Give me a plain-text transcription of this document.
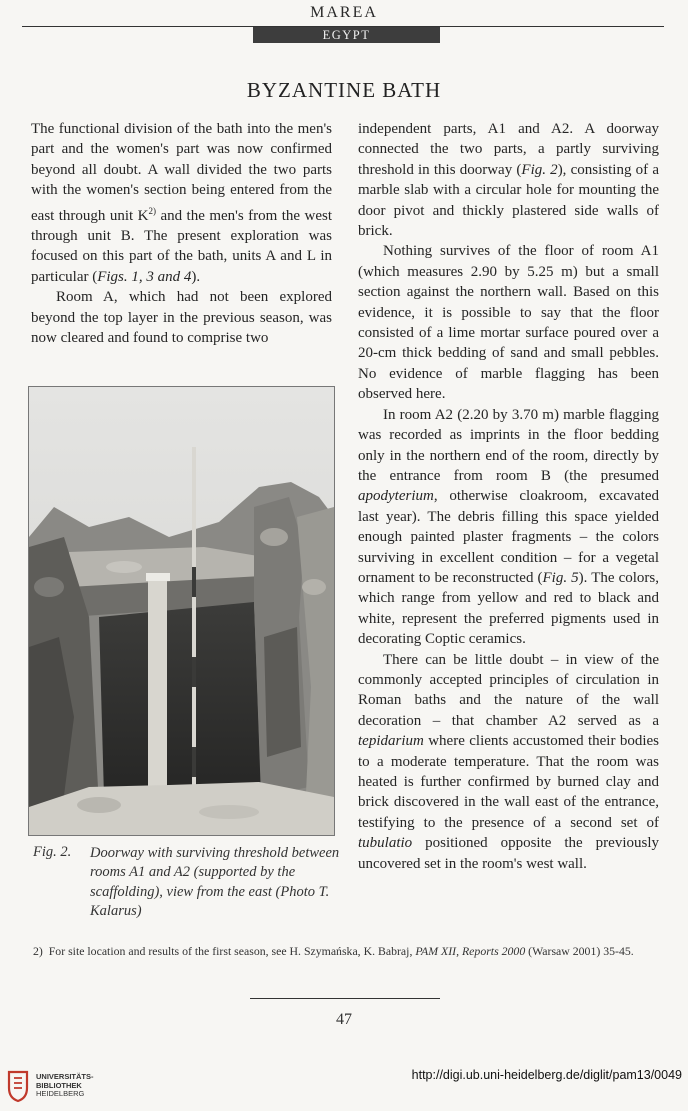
MAREA
EGYPT
BYZANTINE BATH

The functional division of the bath into the men's part and the women's part was now confirmed beyond all doubt. A wall divided the two parts with the women's section being entered from the east through unit $K^{2)}$ and the men's from the west through unit B. The present exploration was focused on this part of the bath, units A and L in particular (Figs. 1, 3 and 4).

Room A, which had not been explored beyond the top layer in the previous season, was now cleared and found to comprise two

Fig. 2. Doorway with surviving threshold between rooms A1 and A2 (supported by the scaffolding), view from the east (Photo T. Kalarus)

independent parts, A1 and A2. A doorway connected the two parts, a partly surviving threshold in this doorway (Fig. 2), consisting of a marble slab with a circular hole for mounting the door pivot and thickly plastered side walls of brick.

Nothing survives of the floor of room A1 (which measures 2.90 by 5.25 m) but a small section against the northern wall. Based on this evidence, it is possible to say that the floor consisted of a lime mortar surface poured over a 20-cm thick bedding of sand and small pebbles. No evidence of marble flagging has been observed here.

In room A2 (2.20 by 3.70 m) marble flagging was recorded as imprints in the floor bedding only in the northern end of the room, directly by the entrance from room B (the presumed apodyterium, otherwise cloakroom, excavated last year). The debris filling this space yielded enough painted plaster fragments – the colors surviving in excellent condition – for a vegetal ornament to be reconstructed (Fig. 5). The colors, which range from yellow and red to black and white, represent the preferred pigments used in decorating Coptic ceramics.

There can be little doubt – in view of the commonly accepted principles of circulation in Roman baths and the nature of the wall decoration – that chamber A2 served as a tepidarium where clients accustomed their bodies to a moderate temperature. That the room was heated is further confirmed by burned clay and brick discovered in the wall east of the entrance, testifying to the presence of a second set of tubulatio positioned opposite the previously uncovered set in the room's west wall.

2) For site location and results of the first season, see H. Szymańska, K. Babraj, PAM XII, Reports 2000 (Warsaw 2001) 35-45.
47
UNIVERSITÄTS-
BIBLIOTHEK
HEIDELBERG
http://digi.ub.uni-heidelberg.de/diglit/pam13/0049
